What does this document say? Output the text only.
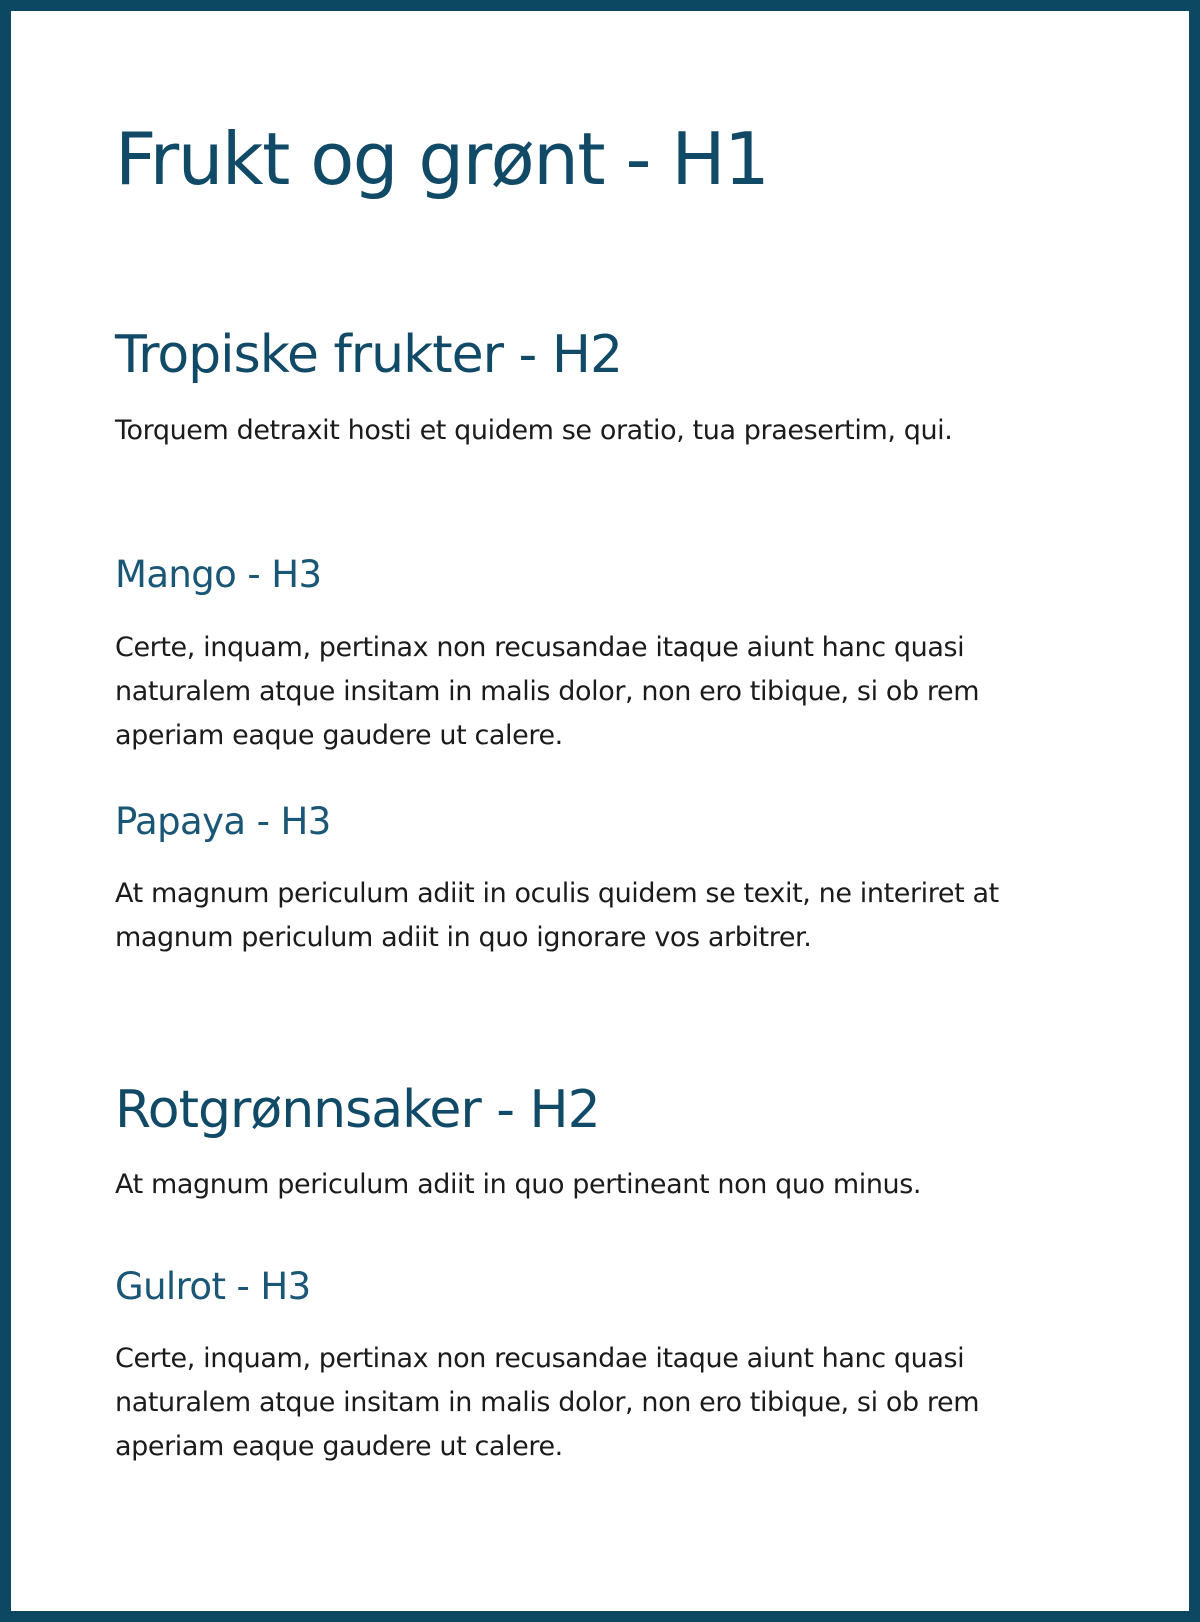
Frukt og grønt - H1
Tropiske frukter - H2

Torquem detraxit hosti et quidem se oratio, tua praesertim, qui.

Mango - H3

Certe, inquam, pertinax non recusandae itaque aiunt hanc quasi naturalem atque insitam in malis dolor, non ero tibique, si ob rem aperiam eaque gaudere ut calere.

Papaya - H3

At magnum periculum adiit in oculis quidem se texit, ne interiret at magnum periculum adiit in quo ignorare vos arbitrer.

Rotgrønnsaker - H2

At magnum periculum adiit in quo pertineant non quo minus.

Gulrot - H3

Certe, inquam, pertinax non recusandae itaque aiunt hanc quasi naturalem atque insitam in malis dolor, non ero tibique, si ob rem aperiam eaque gaudere ut calere.
